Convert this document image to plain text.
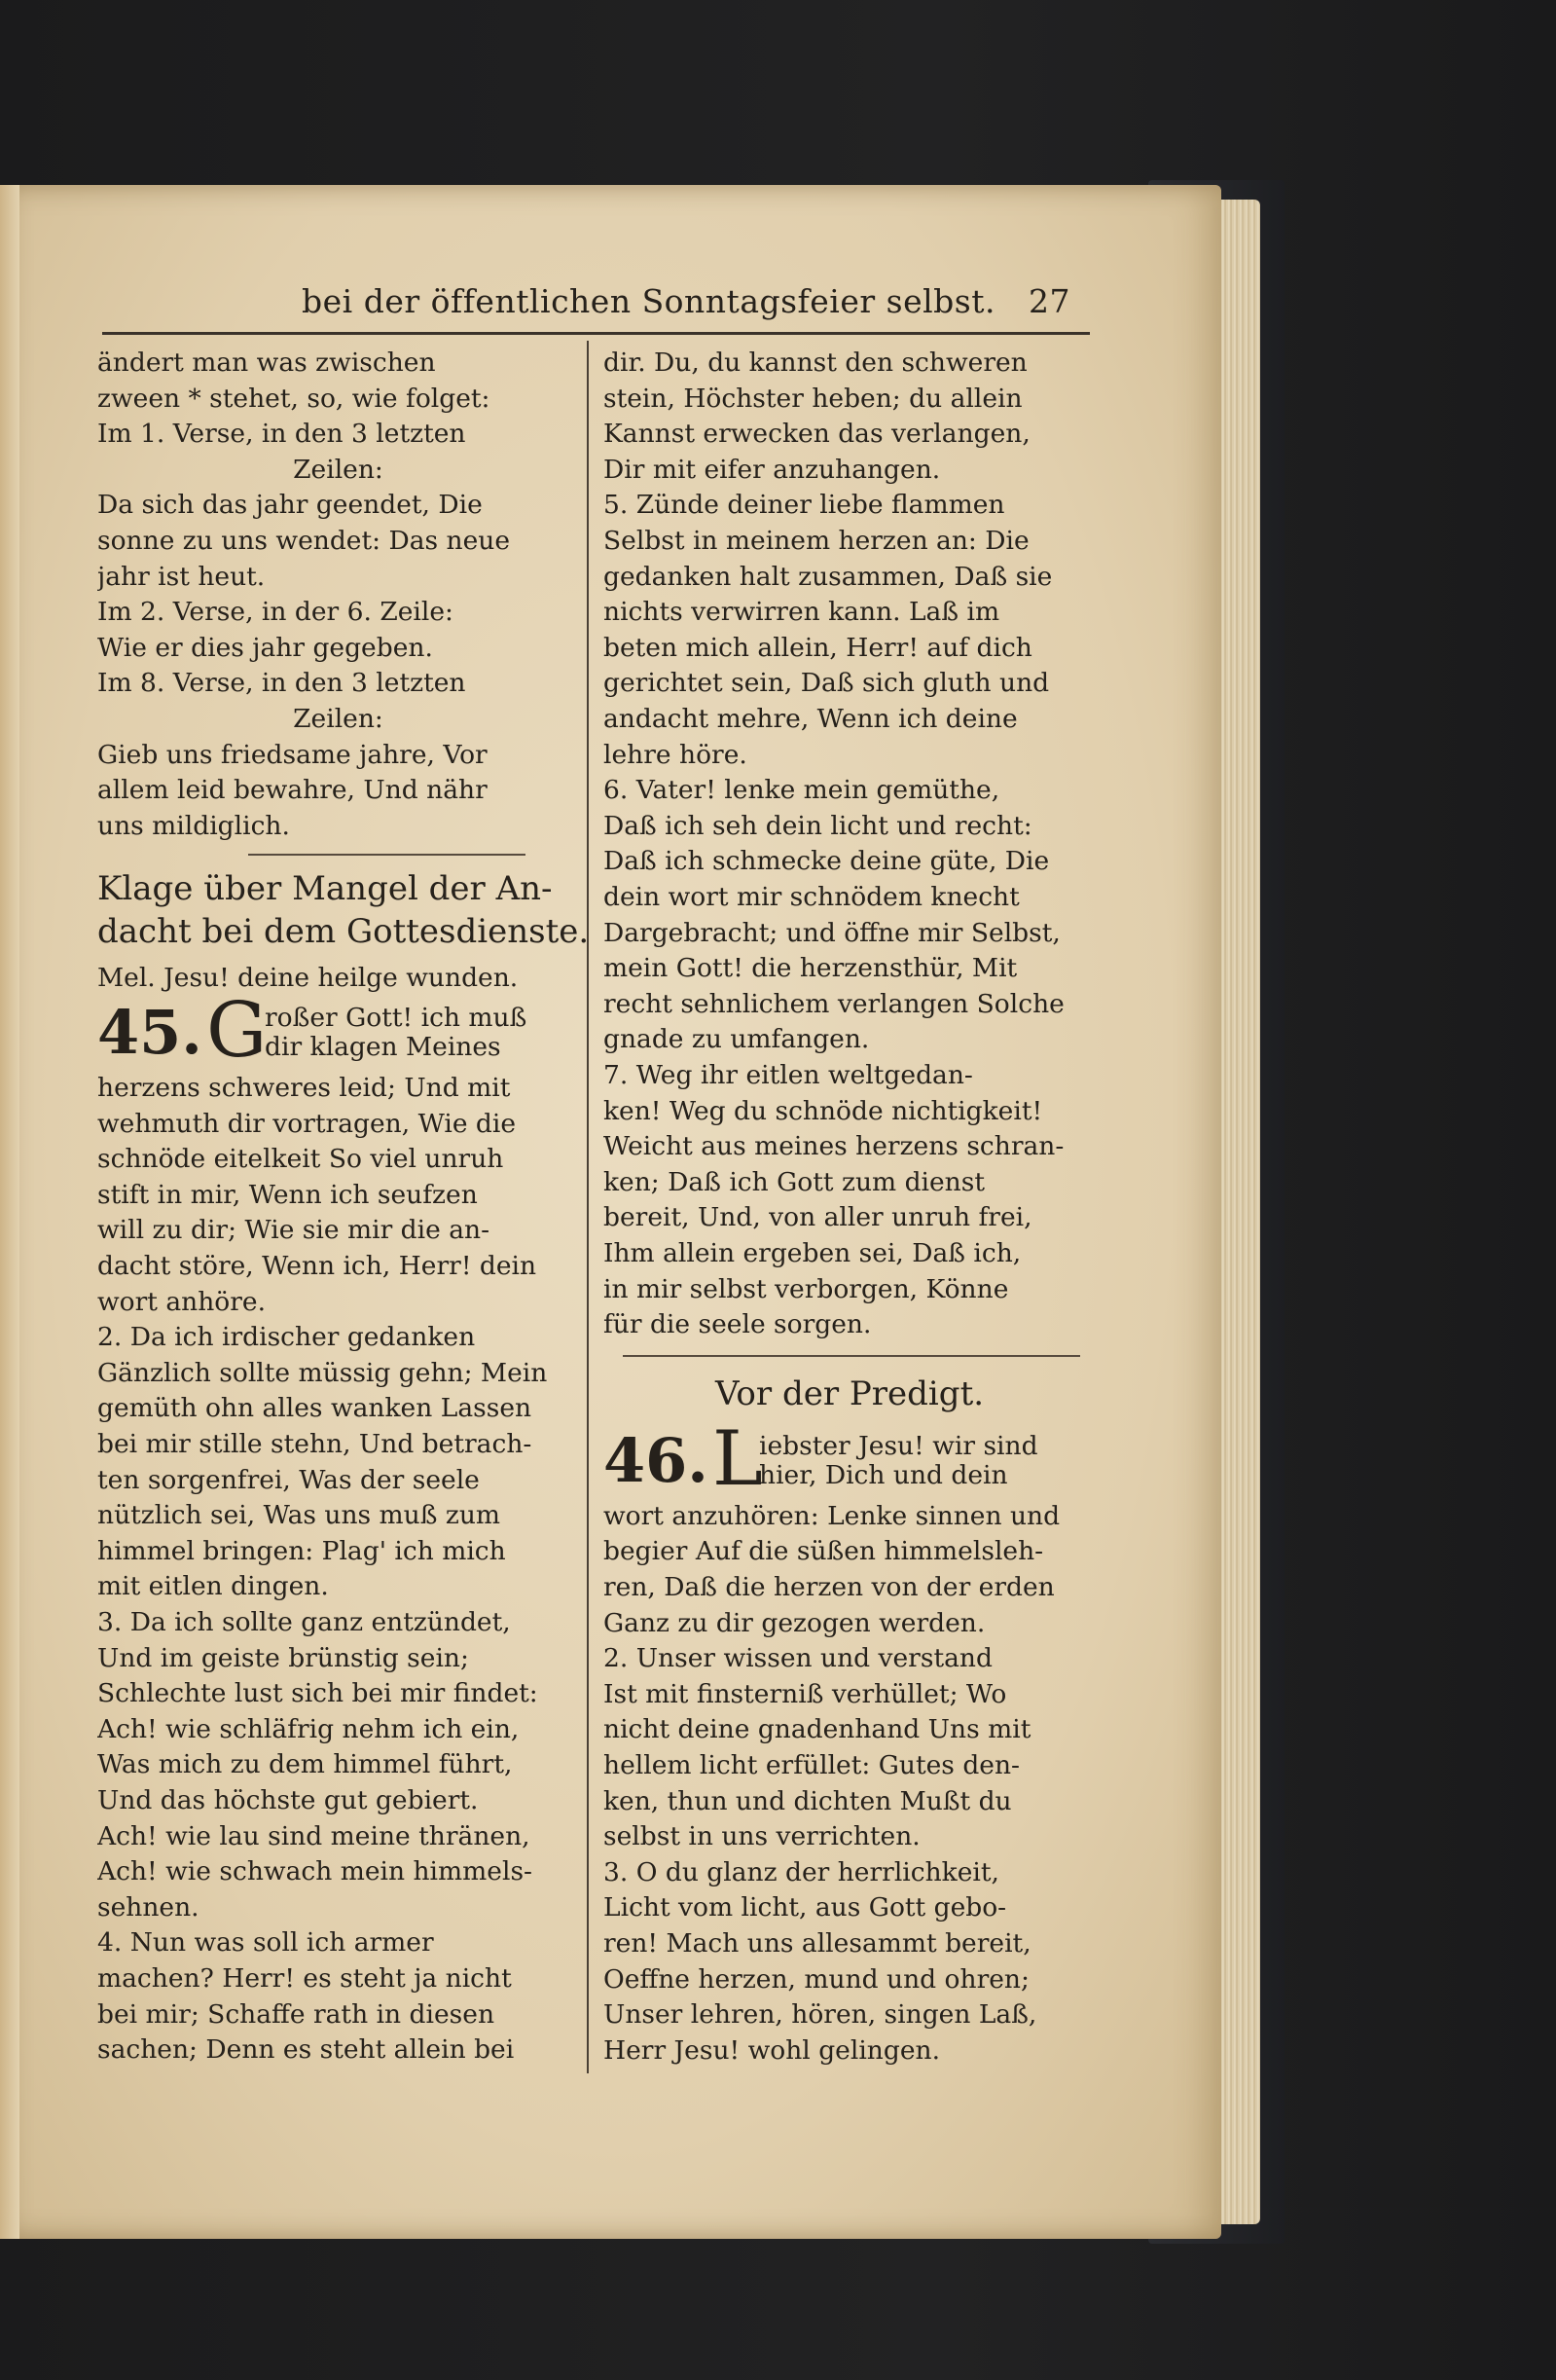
bei der öffentlichen Sonntagsfeier selbst. 27
ändert man was zwischen
zween * stehet, so, wie folget:
Im 1. Verse, in den 3 letzten
Zeilen:
Da sich das jahr geendet, Die
sonne zu uns wendet: Das neue
jahr ist heut.
Im 2. Verse, in der 6. Zeile:
Wie er dies jahr gegeben.
Im 8. Verse, in den 3 letzten
Zeilen:
Gieb uns friedsame jahre, Vor
allem leid bewahre, Und nähr
uns mildiglich.
Klage über Mangel der An-
dacht bei dem Gottesdienste.
Mel. Jesu! deine heilge wunden.
45. G
roßer Gott! ich muß
dir klagen Meines
herzens schweres leid; Und mit
wehmuth dir vortragen, Wie die
schnöde eitelkeit So viel unruh
stift in mir, Wenn ich seufzen
will zu dir; Wie sie mir die an-
dacht störe, Wenn ich, Herr! dein
wort anhöre.
2. Da ich irdischer gedanken
Gänzlich sollte müssig gehn; Mein
gemüth ohn alles wanken Lassen
bei mir stille stehn, Und betrach-
ten sorgenfrei, Was der seele
nützlich sei, Was uns muß zum
himmel bringen: Plag' ich mich
mit eitlen dingen.
3. Da ich sollte ganz entzündet,
Und im geiste brünstig sein;
Schlechte lust sich bei mir findet:
Ach! wie schläfrig nehm ich ein,
Was mich zu dem himmel führt,
Und das höchste gut gebiert.
Ach! wie lau sind meine thränen,
Ach! wie schwach mein himmels-
sehnen.
4. Nun was soll ich armer
machen? Herr! es steht ja nicht
bei mir; Schaffe rath in diesen
sachen; Denn es steht allein bei
dir. Du, du kannst den schweren
stein, Höchster heben; du allein
Kannst erwecken das verlangen,
Dir mit eifer anzuhangen.
5. Zünde deiner liebe flammen
Selbst in meinem herzen an: Die
gedanken halt zusammen, Daß sie
nichts verwirren kann. Laß im
beten mich allein, Herr! auf dich
gerichtet sein, Daß sich gluth und
andacht mehre, Wenn ich deine
lehre höre.
6. Vater! lenke mein gemüthe,
Daß ich seh dein licht und recht:
Daß ich schmecke deine güte, Die
dein wort mir schnödem knecht
Dargebracht; und öffne mir Selbst,
mein Gott! die herzensthür, Mit
recht sehnlichem verlangen Solche
gnade zu umfangen.
7. Weg ihr eitlen weltgedan-
ken! Weg du schnöde nichtigkeit!
Weicht aus meines herzens schran-
ken; Daß ich Gott zum dienst
bereit, Und, von aller unruh frei,
Ihm allein ergeben sei, Daß ich,
in mir selbst verborgen, Könne
für die seele sorgen.
Vor der Predigt.
46. L
iebster Jesu! wir sind
hier, Dich und dein
wort anzuhören: Lenke sinnen und
begier Auf die süßen himmelsleh-
ren, Daß die herzen von der erden
Ganz zu dir gezogen werden.
2. Unser wissen und verstand
Ist mit finsterniß verhüllet; Wo
nicht deine gnadenhand Uns mit
hellem licht erfüllet: Gutes den-
ken, thun und dichten Mußt du
selbst in uns verrichten.
3. O du glanz der herrlichkeit,
Licht vom licht, aus Gott gebo-
ren! Mach uns allesammt bereit,
Oeffne herzen, mund und ohren;
Unser lehren, hören, singen Laß,
Herr Jesu! wohl gelingen.
